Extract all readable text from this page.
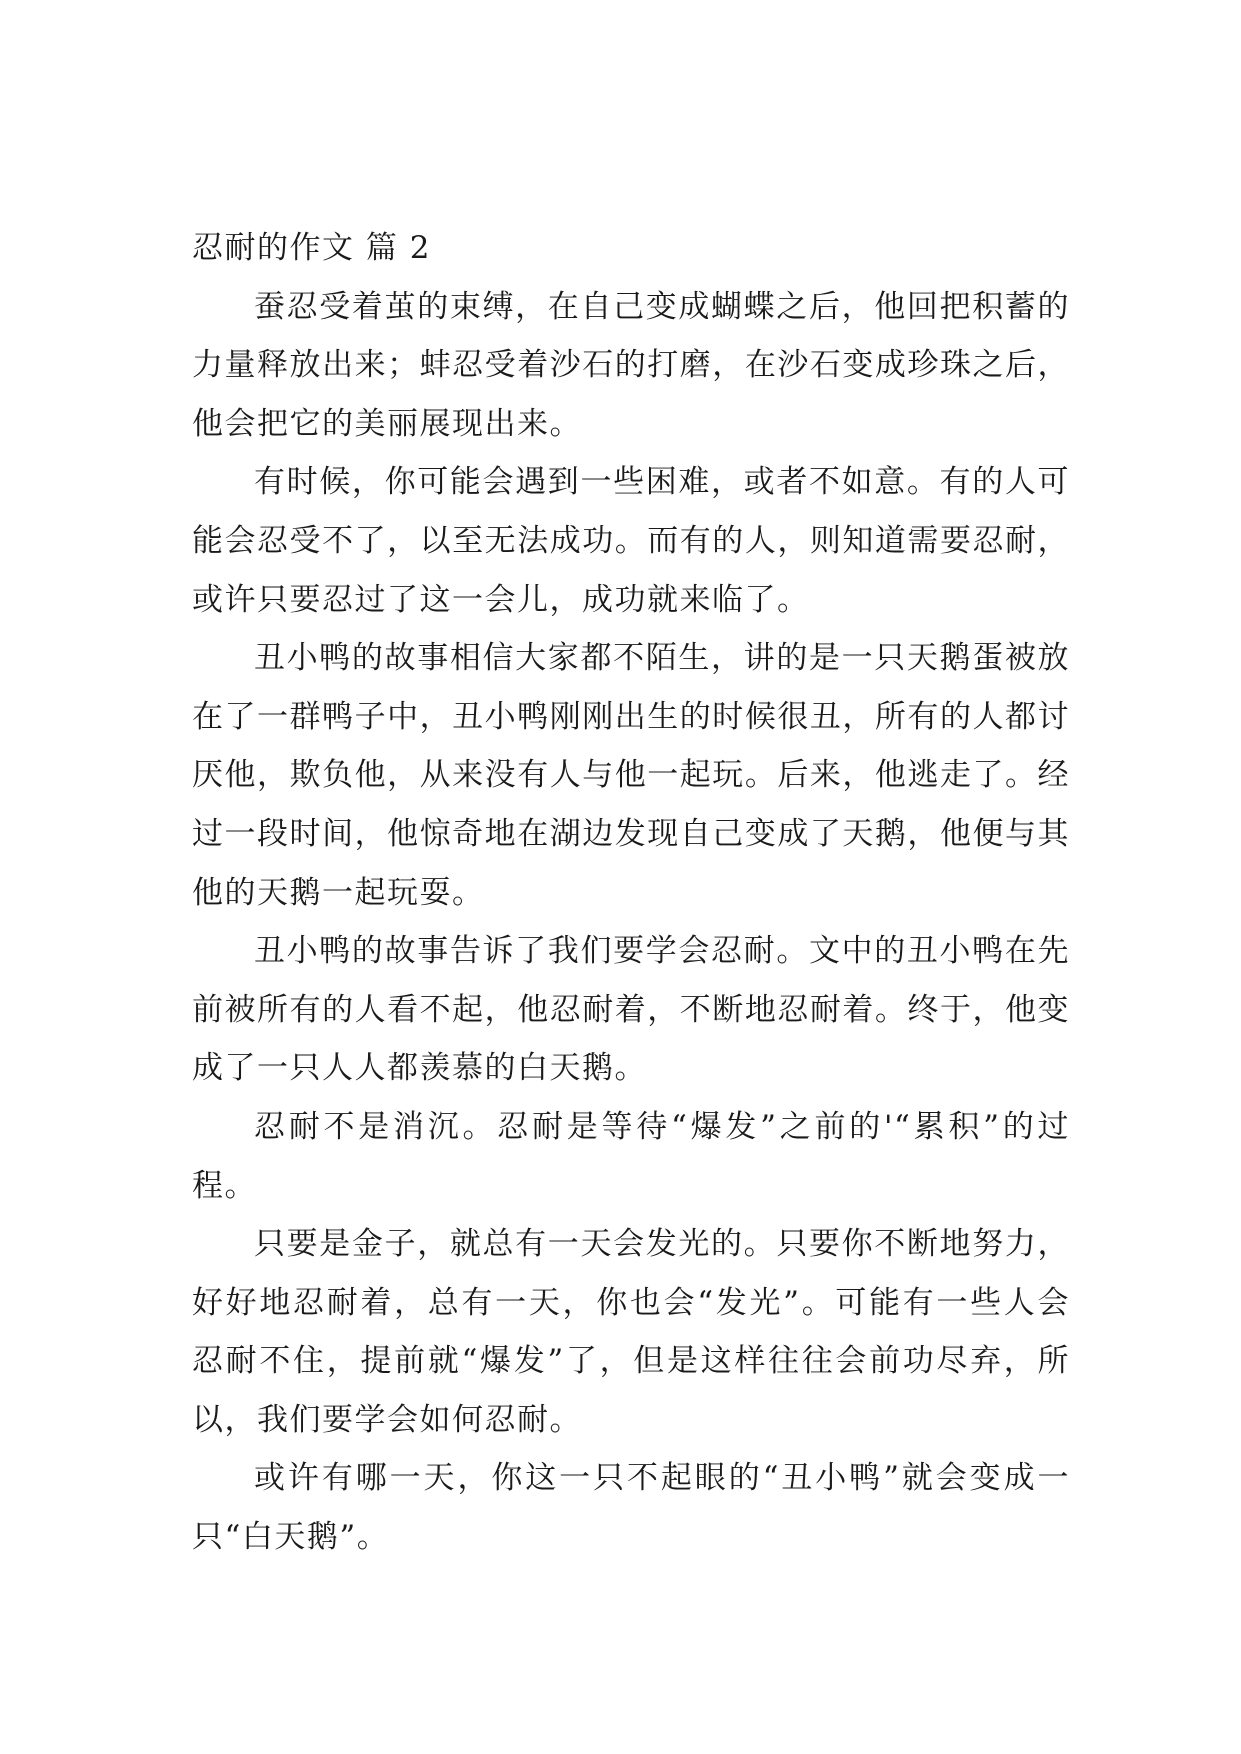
忍耐的作文 篇 2

蚕忍受着茧的束缚，在自己变成蝴蝶之后，他回把积蓄的力量释放出来；蚌忍受着沙石的打磨，在沙石变成珍珠之后，他会把它的美丽展现出来。

有时候，你可能会遇到一些困难，或者不如意。有的人可能会忍受不了，以至无法成功。而有的人，则知道需要忍耐，或许只要忍过了这一会儿，成功就来临了。

丑小鸭的故事相信大家都不陌生，讲的是一只天鹅蛋被放在了一群鸭子中，丑小鸭刚刚出生的时候很丑，所有的人都讨厌他，欺负他，从来没有人与他一起玩。后来，他逃走了。经过一段时间，他惊奇地在湖边发现自己变成了天鹅，他便与其他的天鹅一起玩耍。

丑小鸭的故事告诉了我们要学会忍耐。文中的丑小鸭在先前被所有的人看不起，他忍耐着，不断地忍耐着。终于，他变成了一只人人都羡慕的白天鹅。

忍耐不是消沉。忍耐是等待“爆发”之前的'“累积”的过程。

只要是金子，就总有一天会发光的。只要你不断地努力，好好地忍耐着，总有一天，你也会“发光”。可能有一些人会忍耐不住，提前就“爆发”了，但是这样往往会前功尽弃，所以，我们要学会如何忍耐。

或许有哪一天，你这一只不起眼的“丑小鸭”就会变成一只“白天鹅”。
